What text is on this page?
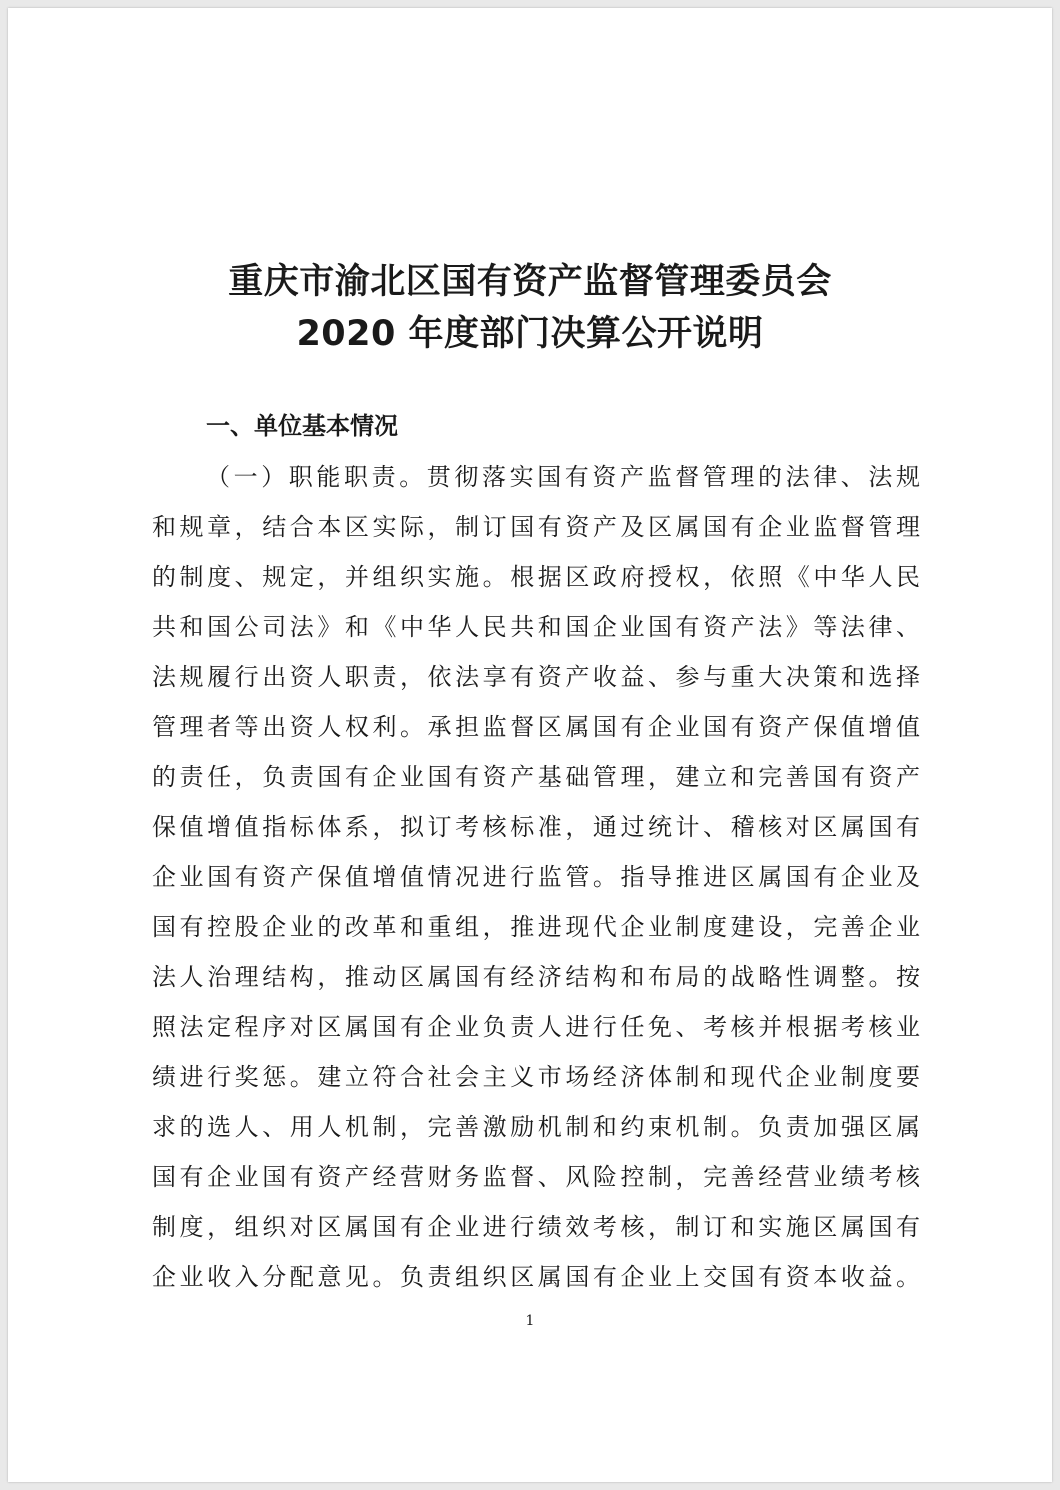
重庆市渝北区国有资产监督管理委员会
2020 年度部门决算公开说明
一、单位基本情况
（一）职能职责。贯彻落实国有资产监督管理的法律、法规
和规章，结合本区实际，制订国有资产及区属国有企业监督管理
的制度、规定，并组织实施。根据区政府授权，依照《中华人民
共和国公司法》和《中华人民共和国企业国有资产法》等法律、
法规履行出资人职责，依法享有资产收益、参与重大决策和选择
管理者等出资人权利。承担监督区属国有企业国有资产保值增值
的责任，负责国有企业国有资产基础管理，建立和完善国有资产
保值增值指标体系，拟订考核标准，通过统计、稽核对区属国有
企业国有资产保值增值情况进行监管。指导推进区属国有企业及
国有控股企业的改革和重组，推进现代企业制度建设，完善企业
法人治理结构，推动区属国有经济结构和布局的战略性调整。按
照法定程序对区属国有企业负责人进行任免、考核并根据考核业
绩进行奖惩。建立符合社会主义市场经济体制和现代企业制度要
求的选人、用人机制，完善激励机制和约束机制。负责加强区属
国有企业国有资产经营财务监督、风险控制，完善经营业绩考核
制度，组织对区属国有企业进行绩效考核，制订和实施区属国有
企业收入分配意见。负责组织区属国有企业上交国有资本收益。
1
